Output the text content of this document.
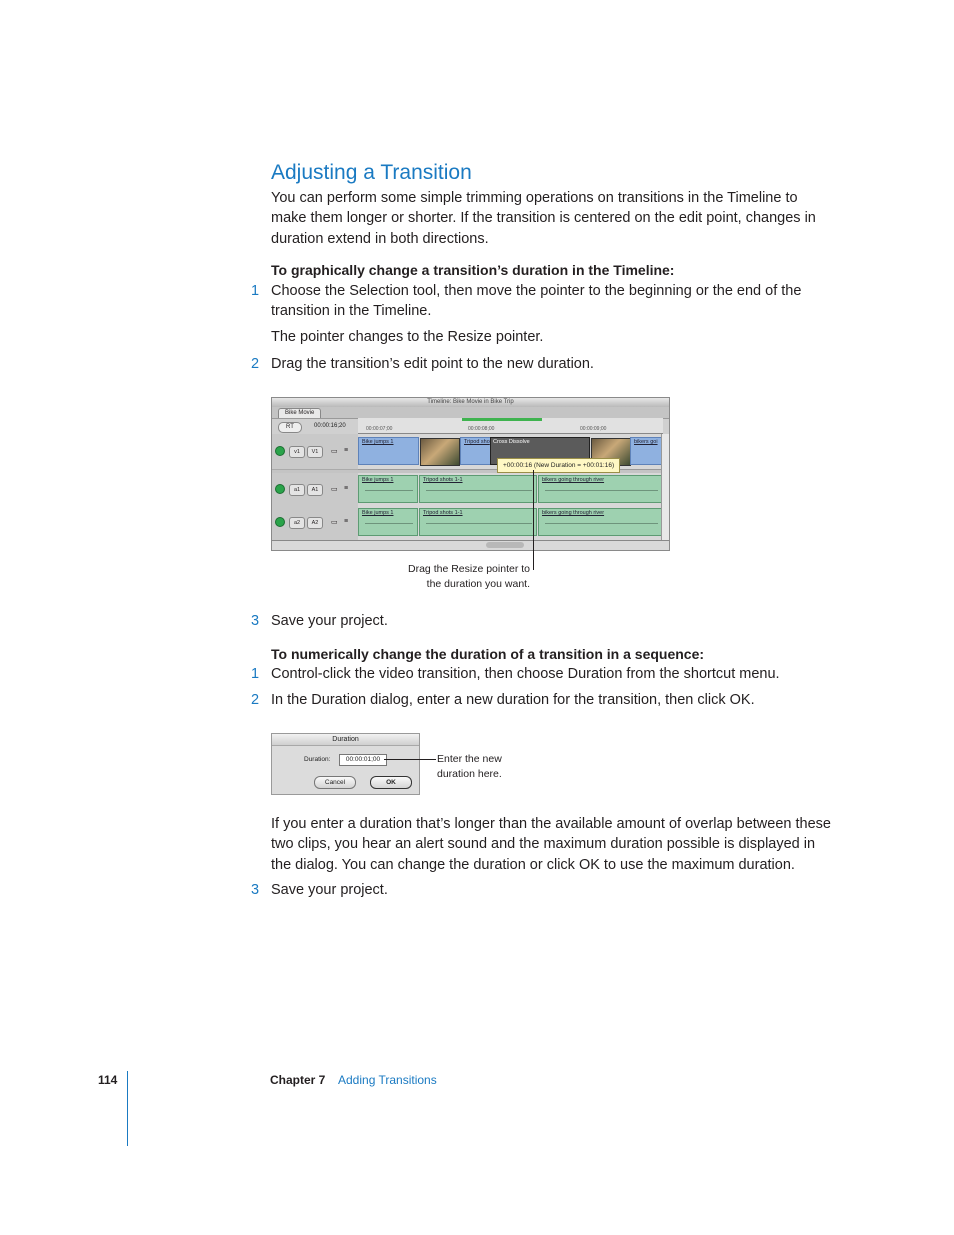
Adjusting a Transition
You can perform some simple trimming operations on transitions in the Timeline to make them longer or shorter. If the transition is centered on the edit point, changes in duration extend in both directions.
To graphically change a transition’s duration in the Timeline:
1 Choose the Selection tool, then move the pointer to the beginning or the end of the
transition in the Timeline.
The pointer changes to the Resize pointer.
2 Drag the transition’s edit point to the new duration.
Timeline: Bike Movie in Bike Trip
Bike Movie
RT	00:00:16;20	00:00:07;00	00:00:08;00	00:00:09;00
v1	V1	▭ ≡
Bike jumps 1	Tripod sho Cross Dissolve	bikers goi
a1	A1	▭ ≡
Bike jumps 1	Tripod shots 1-1	bikers going through river
a2	A2	▭ ≡
Bike jumps 1	Tripod shots 1-1	bikers going through river
+00:00:16 (New Duration = +00:01:16)
Drag the Resize pointer to
the duration you want.
3 Save your project.
To numerically change the duration of a transition in a sequence:
1 Control-click the video transition, then choose Duration from the shortcut menu.
2 In the Duration dialog, enter a new duration for the transition, then click OK.
Duration
Duration:	00:00:01;00
Cancel	OK
Enter the new
duration here.
If you enter a duration that’s longer than the available amount of overlap between these two clips, you hear an alert sound and the maximum duration possible is displayed in the dialog. You can change the duration or click OK to use the maximum duration.
3 Save your project.
114	Chapter 7 Adding Transitions
